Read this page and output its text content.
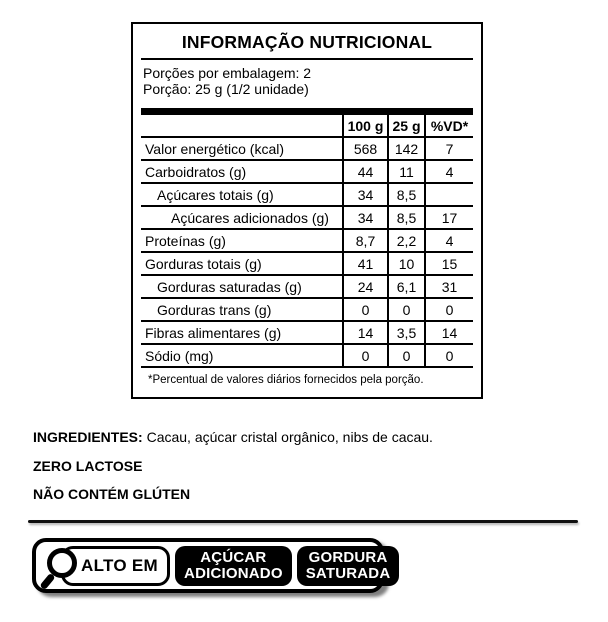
INFORMAÇÃO NUTRICIONAL
Porções por embalagem: 2
Porção: 25 g (1/2 unidade)
100 g 25 g %VD*
Valor energético (kcal)	568	142	7
Carboidratos (g)	44	11	4
Açúcares totais (g)	34	8,5
Açúcares adicionados (g)	34	8,5	17
Proteínas (g)	8,7	2,2	4
Gorduras totais (g)	41	10	15
Gorduras saturadas (g)	24	6,1	31
Gorduras trans (g)	0	0	0
Fibras alimentares (g)	14	3,5	14
Sódio (mg)	0	0	0
*Percentual de valores diários fornecidos pela porção.
INGREDIENTES: Cacau, açúcar cristal orgânico, nibs de cacau.
ZERO LACTOSE
NÃO CONTÉM GLÚTEN
ALTO EM	AÇÚCAR
ADICIONADO
GORDURA
SATURADA
